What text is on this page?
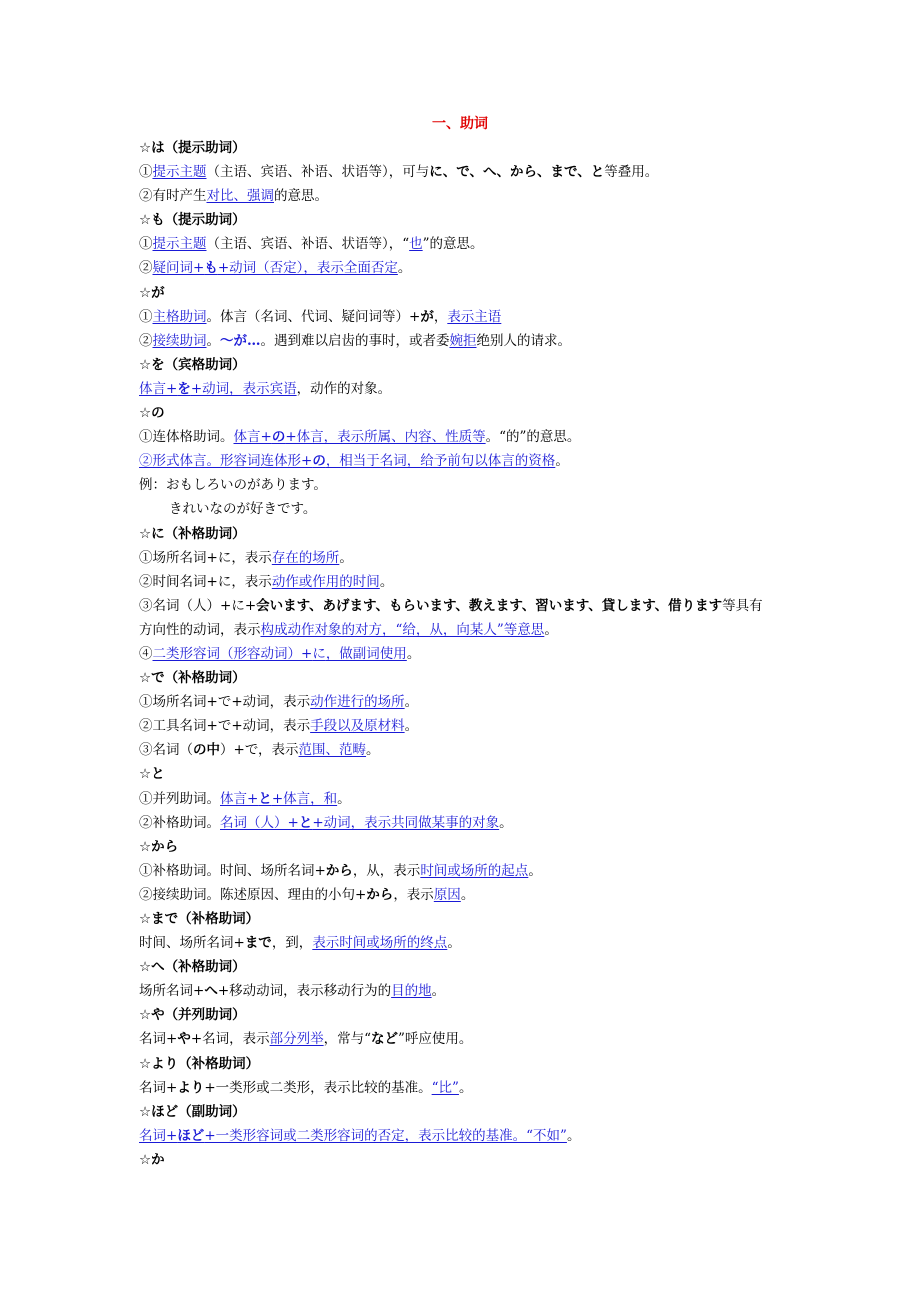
一、助词
☆は（提示助词）
①提示主题（主语、宾语、补语、状语等），可与に、で、へ、から、まで、と等叠用。
②有时产生对比、强调的意思。
☆も（提示助词）
①提示主题（主语、宾语、补语、状语等），“也”的意思。
②疑问词+も+动词（否定），表示全面否定。
☆が
①主格助词。体言（名词、代词、疑问词等）+が，表示主语
②接续助词。～が…。遇到难以启齿的事时，或者委婉拒绝别人的请求。
☆を（宾格助词）
体言+を+动词，表示宾语，动作的对象。
☆の
①连体格助词。体言+の+体言，表示所属、内容、性质等。“的”的意思。
②形式体言。形容词连体形+の，相当于名词，给予前句以体言的资格。
例：おもしろいのがあります。
きれいなのが好きです。
☆に（补格助词）
①场所名词+に，表示存在的场所。
②时间名词+に，表示动作或作用的时间。
③名词（人）+に+会います、あげます、もらいます、教えます、習います、貸します、借ります等具有
方向性的动词，表示构成动作对象的对方，“给，从，向某人”等意思。
④二类形容词（形容动词）+に，做副词使用。
☆で（补格助词）
①场所名词+で+动词，表示动作进行的场所。
②工具名词+で+动词，表示手段以及原材料。
③名词（の中）+で，表示范围、范畴。
☆と
①并列助词。体言+と+体言，和。
②补格助词。名词（人）+と+动词，表示共同做某事的对象。
☆から
①补格助词。时间、场所名词+から，从，表示时间或场所的起点。
②接续助词。陈述原因、理由的小句+から，表示原因。
☆まで（补格助词）
时间、场所名词+まで，到，表示时间或场所的终点。
☆へ（补格助词）
场所名词+へ+移动动词，表示移动行为的目的地。
☆や（并列助词）
名词+や+名词，表示部分列举，常与“など”呼应使用。
☆より（补格助词）
名词+より+一类形或二类形，表示比较的基准。“比”。
☆ほど（副助词）
名词+ほど+一类形容词或二类形容词的否定，表示比较的基准。“不如”。
☆か
